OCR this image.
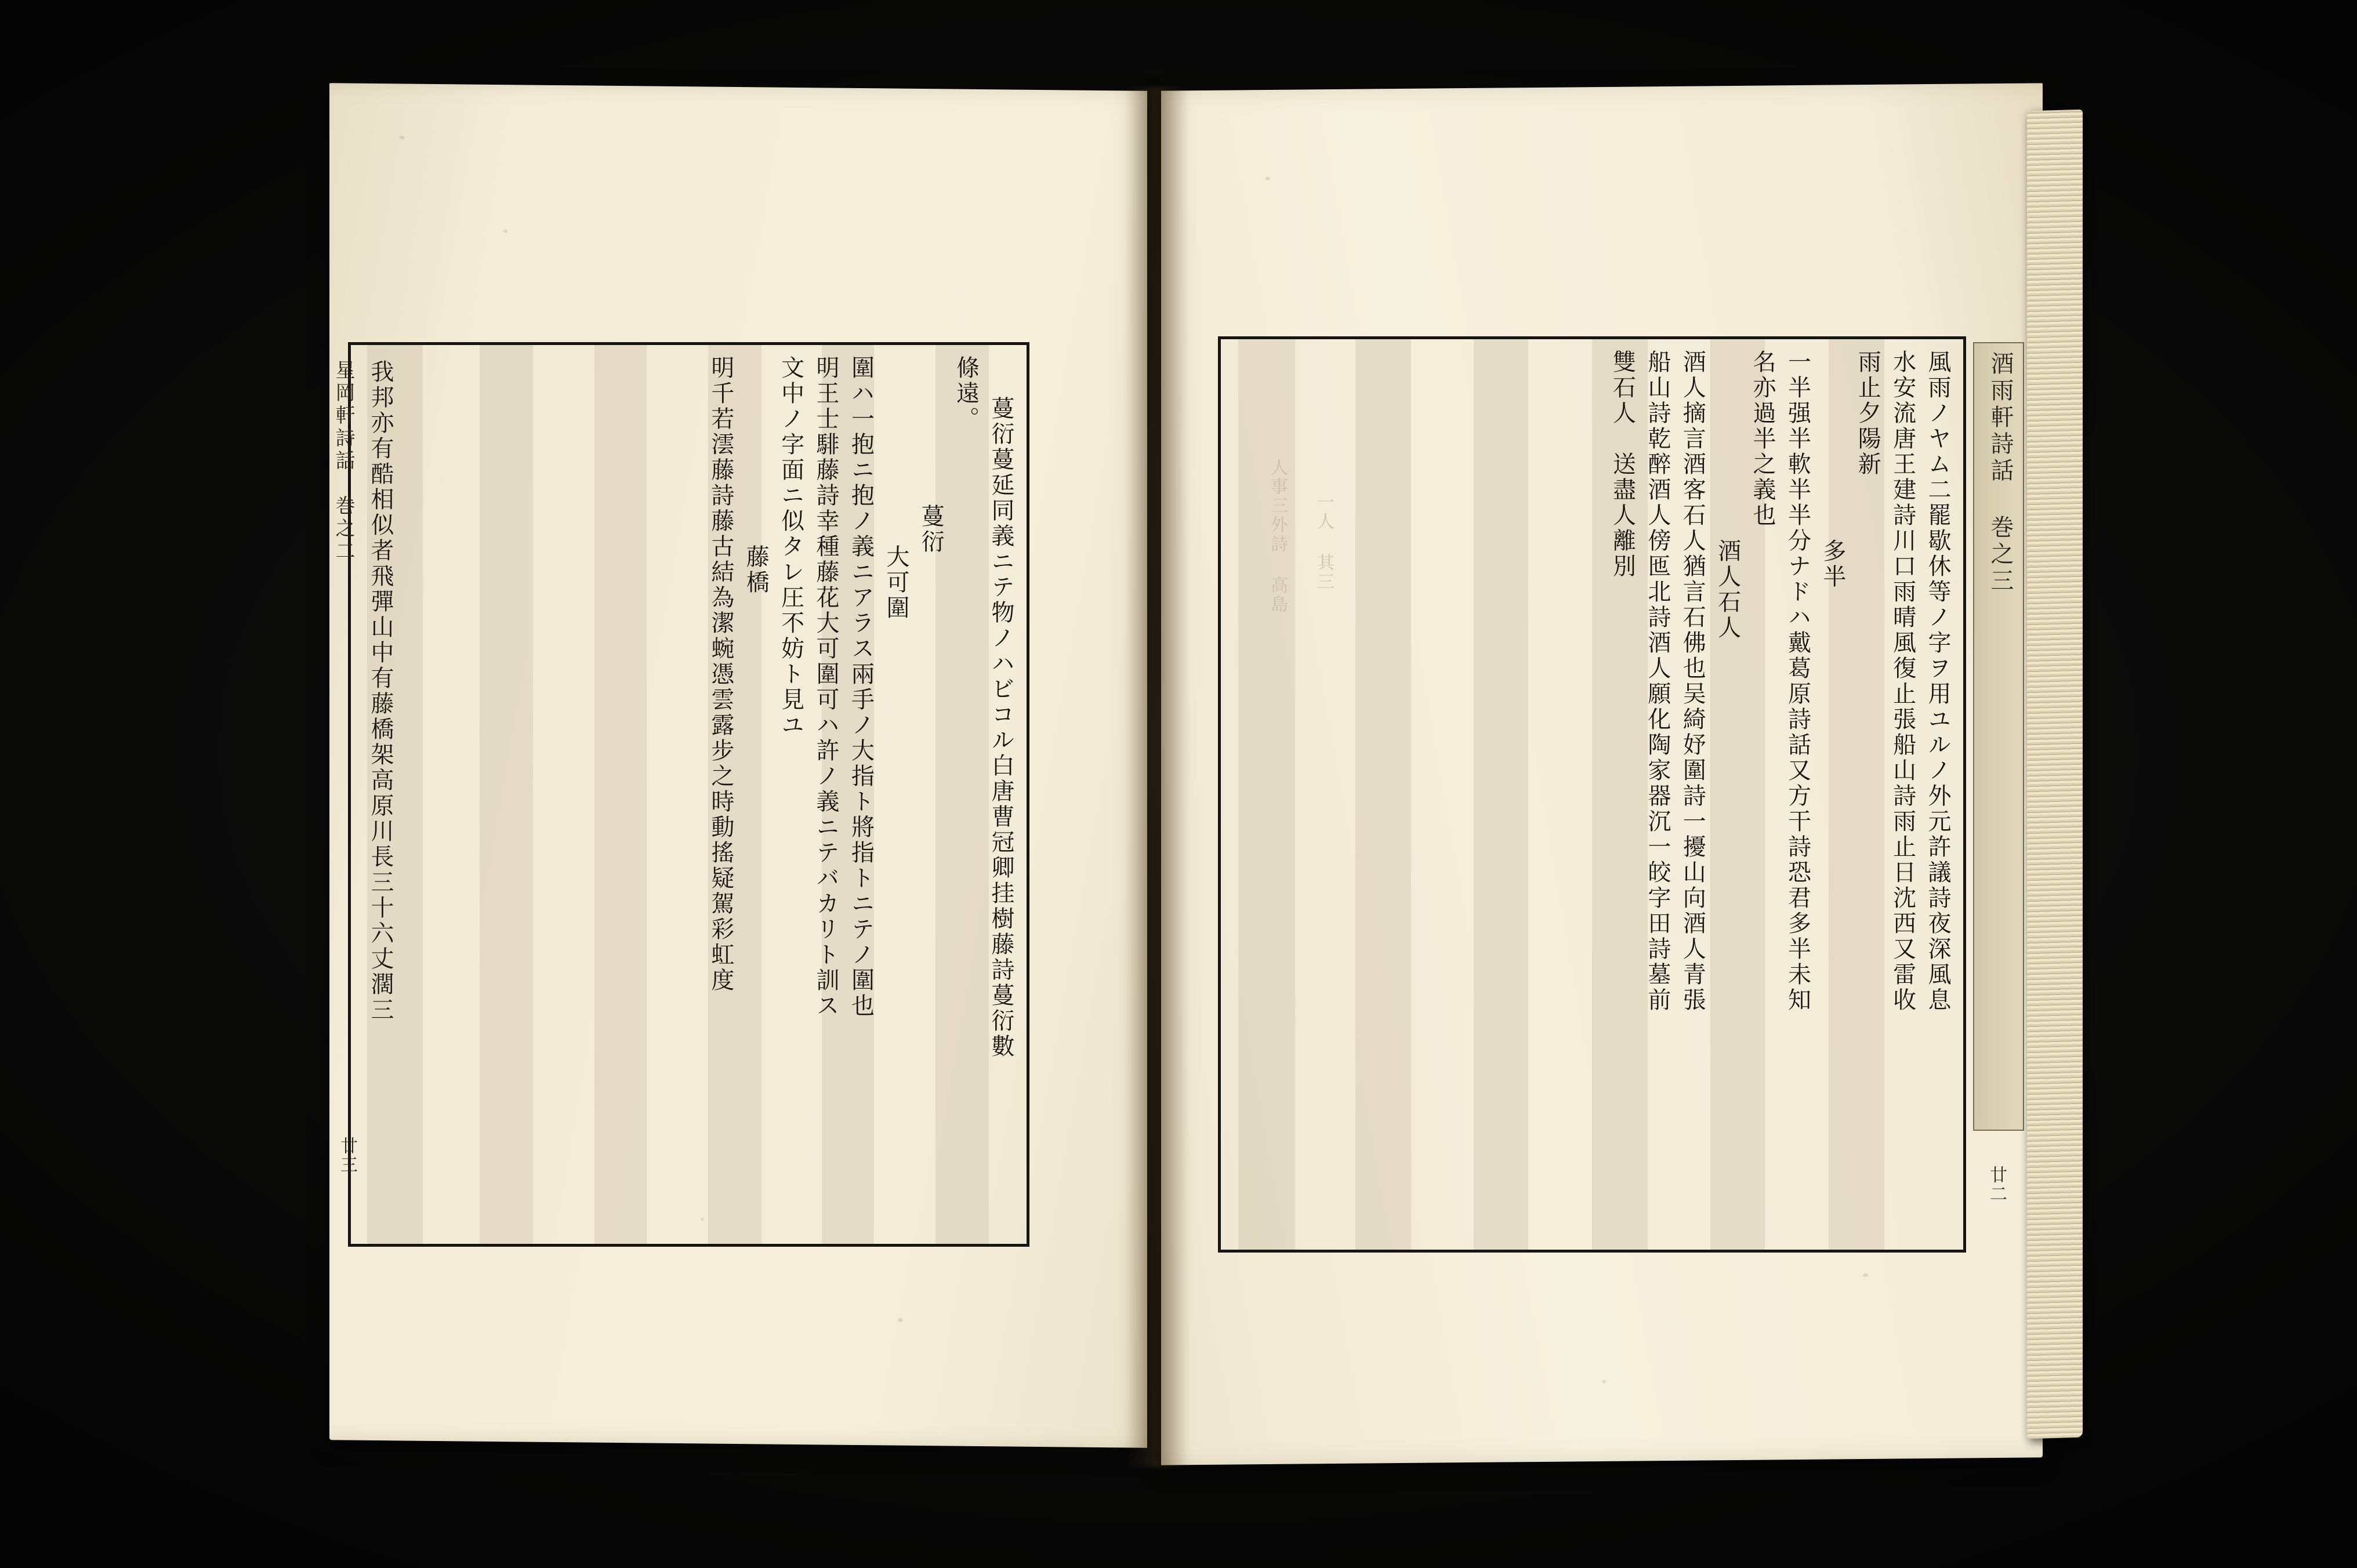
蔓衍蔓延同義ニテ物ノハビコル白唐曹冠卿挂樹藤詩蔓衍數
條遠。
　　　　蔓衍
　　　　大可圍
圍ハ一抱ニ抱ノ義ニアラス兩手ノ大指ト將指トニテノ圍也
明王士騑藤詩幸種藤花大可圍可ハ許ノ義ニテバカリト訓ス
文中ノ字面ニ似タレ圧不妨ト見ユ
　　　　藤橋
明千若澐藤詩藤古結為潔蜿憑雲露步之時動搖疑駕彩虹度
我邦亦有酷相似者飛彈山中有藤橋架高原川長三十六丈濶三
星岡軒詩話　巻之二
廿三
人事三外詩 高島 一人 其三	風雨ノヤム二罷歇休等ノ字ヲ用ユルノ外元許議詩夜深風息
水安流唐王建詩川口雨晴風復止張船山詩雨止日沈西又雷收
雨止夕陽新
　　　　多半
一半强半軟半半分ナドハ戴葛原詩話又方干詩恐君多半未知
名亦過半之義也
　　　　酒人石人
酒人摘言酒客石人猶言石佛也吴綺妤圍詩一擾山向酒人青張
船山詩乾醉酒人傍匜北詩酒人願化陶家器沉一皎字田詩墓前
雙石人　送盡人離別	酒雨軒詩話 巻之三
廿二
